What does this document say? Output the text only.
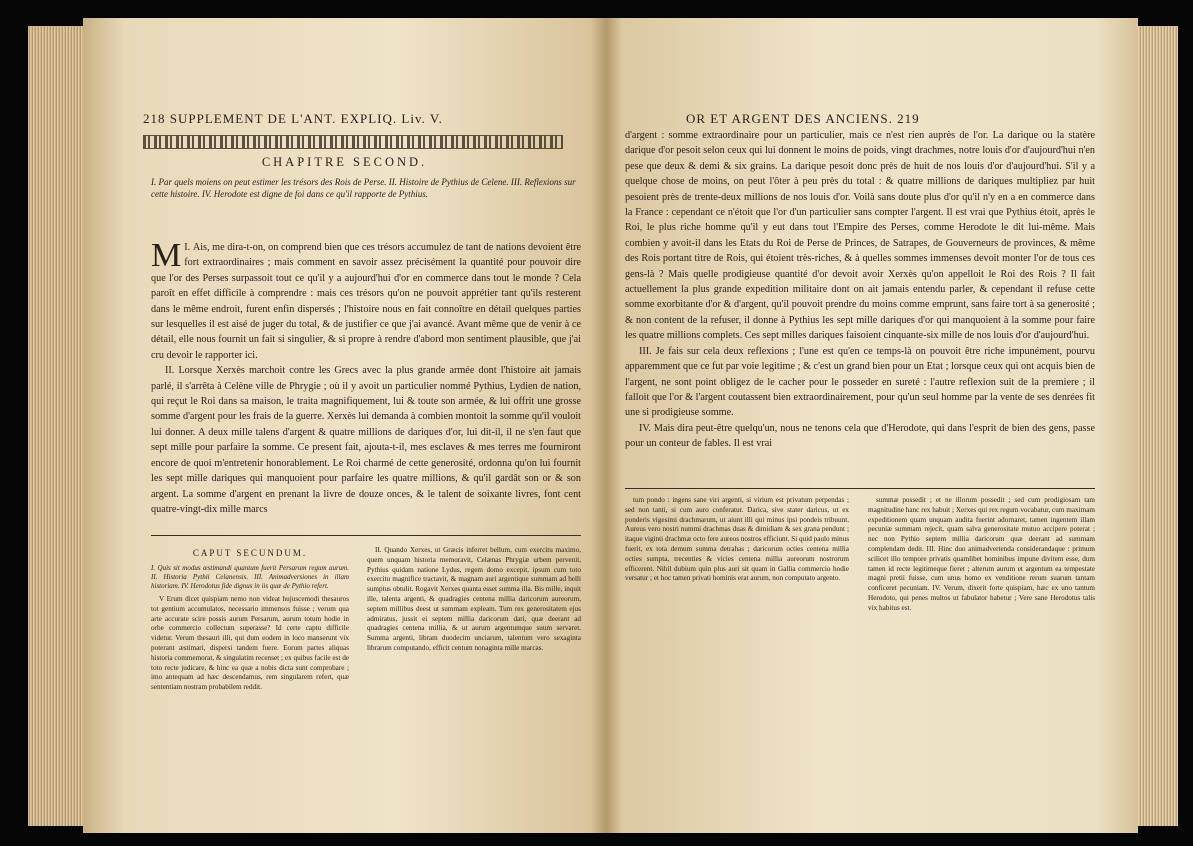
218 SUPPLEMENT DE L'ANT. EXPLIQ. Liv. V.
CHAPITRE SECOND.
I. Par quels moiens on peut estimer les trésors des Rois de Perse. II. Histoire de Pythius de Celene. III. Reflexions sur cette histoire. IV. Herodote est digne de foi dans ce qu'il rapporte de Pythius.

I.
M Ais, me dira-t-on, on comprend bien que ces trésors accumulez de tant de nations devoient être fort extraordinaires ; mais comment en savoir assez précisément la quantité pour pouvoir dire que l'or des Perses surpassoit tout ce qu'il y a aujourd'hui d'or en commerce dans tout le monde ? Cela paroît en effet difficile à comprendre : mais ces trésors qu'on ne pouvoit apprétier tant qu'ils resterent dans le même endroit, furent enfin dispersés ; l'histoire nous en fait connoître en détail quelques parties sur lesquelles il est aisé de juger du total, & de justifier ce que j'ai avancé. Avant même que de venir à ce détail, elle nous fournit un fait si singulier, & si propre à rendre d'abord mon sentiment plausible, que j'ai cru devoir le rapporter ici.

II. Lorsque Xerxès marchoit contre les Grecs avec la plus grande armée dont l'histoire ait jamais parlé, il s'arrêta à Celène ville de Phrygie ; où il y avoit un particulier nommé Pythius, Lydien de nation, qui reçut le Roi dans sa maison, le traita magnifiquement, lui & toute son armée, & lui offrit une grosse somme d'argent pour les frais de la guerre. Xerxès lui demanda à combien montoit la somme qu'il vouloit lui donner. A deux mille talens d'argent & quatre millions de dariques d'or, lui dit-il, il ne s'en faut que sept mille pour parfaire la somme. Ce present fait, ajouta-t-il, mes esclaves & mes terres me fourniront encore de quoi m'entretenir honorablement. Le Roi charmé de cette generosité, ordonna qu'on lui fournit les sept mille dariques qui manquoient pour parfaire les quatre millions, & qu'il gardât son or & son argent. La somme d'argent en prenant la livre de douze onces, & le talent de soixante livres, font cent quatre-vingt-dix mille marcs

CAPUT SECUNDUM.
I. Quis sit modus æstimandi quantum fuerit Persarum regum aurum. II. Historia Pythii Celanensis. III. Animadversiones in illam historiam. IV. Herodotus fide dignus in iis quæ de Pythio refert.

V Erum dicet quispiam nemo non videat hujuscemodi thesauros tot gentium accumulatos, necessario immensos fuisse ; verum qua arte accurate scire possis aurum Persarum, aurum totum hodie in orbe commercio collectum superasse? Id certe captu difficile videtur. Verum thesauri illi, qui dum eodem in loco manserunt vix poterant æstimari, dispersi tandem fuere. Eorum partes aliquas historia commemorat, & singulatim recenset ; ex quibus facile est de toto recte judicare, & hinc ea quæ a nobis dicta sunt comprobare ; imo antequam ad hæc descendamus, rem singularem refert, quæ sententiam nostram probabilem reddit.

II. Quando Xerxes, ut Græcis inferret bellum, cum exercitu maximo, quem unquam historia memoravit, Celænas Phrygiæ urbem pervenit, Pythius quidam natione Lydus, regem domo excepit, ipsum cum toto exercitu magnifice tractavit, & magnam auri argentique summam ad belli sumptus obtulit. Rogavit Xerxes quanta esset summa illa. Bis mille, inquit ille, talenta argenti, & quadragies centena millia daricorum aureorum, septem millibus deest ut summam expleam. Tum rex generositatem ejus admiratus, jussit ei septem millia daricorum dari, quæ deerant ad quadragies centena millia, & ut aurum argentumque suum servaret. Summa argenti, libram duodecim unciarum, talentum vero sexaginta librarum computando, efficit centum nonaginta mille marcas.

OR ET ARGENT DES ANCIENS. 219

d'argent : somme extraordinaire pour un particulier, mais ce n'est rien auprès de l'or. La darique ou la statère darique d'or pesoit selon ceux qui lui donnent le moins de poids, vingt drachmes, notre louis d'or d'aujourd'hui n'en pese que deux & demi & six grains. La darique pesoit donc près de huit de nos louis d'or d'aujourd'hui. S'il y a quelque chose de moins, on peut l'ôter à peu près du total : & quatre millions de dariques multipliez par huit pesoient près de trente-deux millions de nos louis d'or. Voilà sans doute plus d'or qu'il n'y en a en commerce dans la France : cependant ce n'étoit que l'or d'un particulier sans compter l'argent. Il est vrai que Pythius étoit, après le Roi, le plus riche homme qu'il y eut dans tout l'Empire des Perses, comme Herodote le dit lui-même. Mais combien y avoit-il dans les Etats du Roi de Perse de Princes, de Satrapes, de Gouverneurs de provinces, & même des Rois portant titre de Rois, qui étoient très-riches, & à quelles sommes immenses devoit monter l'or de tous ces gens-là ? Mais quelle prodigieuse quantité d'or devoit avoir Xerxès qu'on appelloit le Roi des Rois ? Il fait actuellement la plus grande expedition militaire dont on ait jamais entendu parler, & cependant il refuse cette somme exorbitante d'or & d'argent, qu'il pouvoit prendre du moins comme emprunt, sans faire tort à sa generosité ; & non content de la refuser, il donne à Pythius les sept mille dariques d'or qui manquoient à la somme pour faire les quatre millions complets. Ces sept milles dariques faisoient cinquante-six mille de nos louis d'or d'aujourd'hui.

III. Je fais sur cela deux reflexions ; l'une est qu'en ce temps-là on pouvoit être riche impunément, pourvu apparemment que ce fut par voie legitime ; & c'est un grand bien pour un Etat ; lorsque ceux qui ont acquis bien de l'argent, ne sont point obligez de le cacher pour le posseder en sureté : l'autre reflexion suit de la premiere ; il falloit que l'or & l'argent coutassent bien extraordinairement, pour qu'un seul homme par la vente de ses denrées fit une si prodigieuse somme.

IV. Mais dira peut-être quelqu'un, nous ne tenons cela que d'Herodote, qui dans l'esprit de bien des gens, passe pour un conteur de fables. Il est vrai

tum pondo : ingens sane viri argenti, si virium est privatum perpendas ; sed non tanti, si cum auro conferatur. Darica, sive stater daricus, ut ex ponderis vigesimi drachmarum, ut aiunt illi qui minus ipsi pondeis tribuunt. Aureus vero nostri nummi drachmas duas & dimidiam & sex grana pendunt ; itaque viginti drachmæ octo fere aureos nostros efficiunt. Si quid paulo minus fuerit, ex tota demum summa detrahas ; daricorum octies centena millia octies sumpta, trecenties & vicies centena millia aureorum nostrorum efficerent. Nihil dubium quin plus auri sit quam in Gallia commercio hodie versatur ; et hoc tamen privati hominis erat aurum, non computato argento.

summæ possedit ; et ne illorum possedit ; sed cum prodigiosam tam magnitudine hanc rex habuit ; Xerxes qui rex regum vocabatur, cum maximam expeditionem quam unquam audita fuerint adornaret, tamen ingentem illam pecuniæ summam rejecit, quam salva generositate mutuo accipere poterat ; nec non Pythio septem millia daricorum quæ deerant ad summam complendam dedit. III. Hinc duo animadvertenda considerandaque : primum scilicet illo tempore privatis quamlibet hominibus impune divitem esse, dum tamen id recte legitimeque fieret ; alterum aurum et argentum ea tempestate magni pretii fuisse, cum unus homo ex venditione rerum suarum tantam conficeret pecuniam. IV. Verum, dixerit forte quispiam, hæc ex uno tantum Herodoto, qui penes multos ut fabulator habetur ; Vere sane Herodotus talis vix habitus est.
